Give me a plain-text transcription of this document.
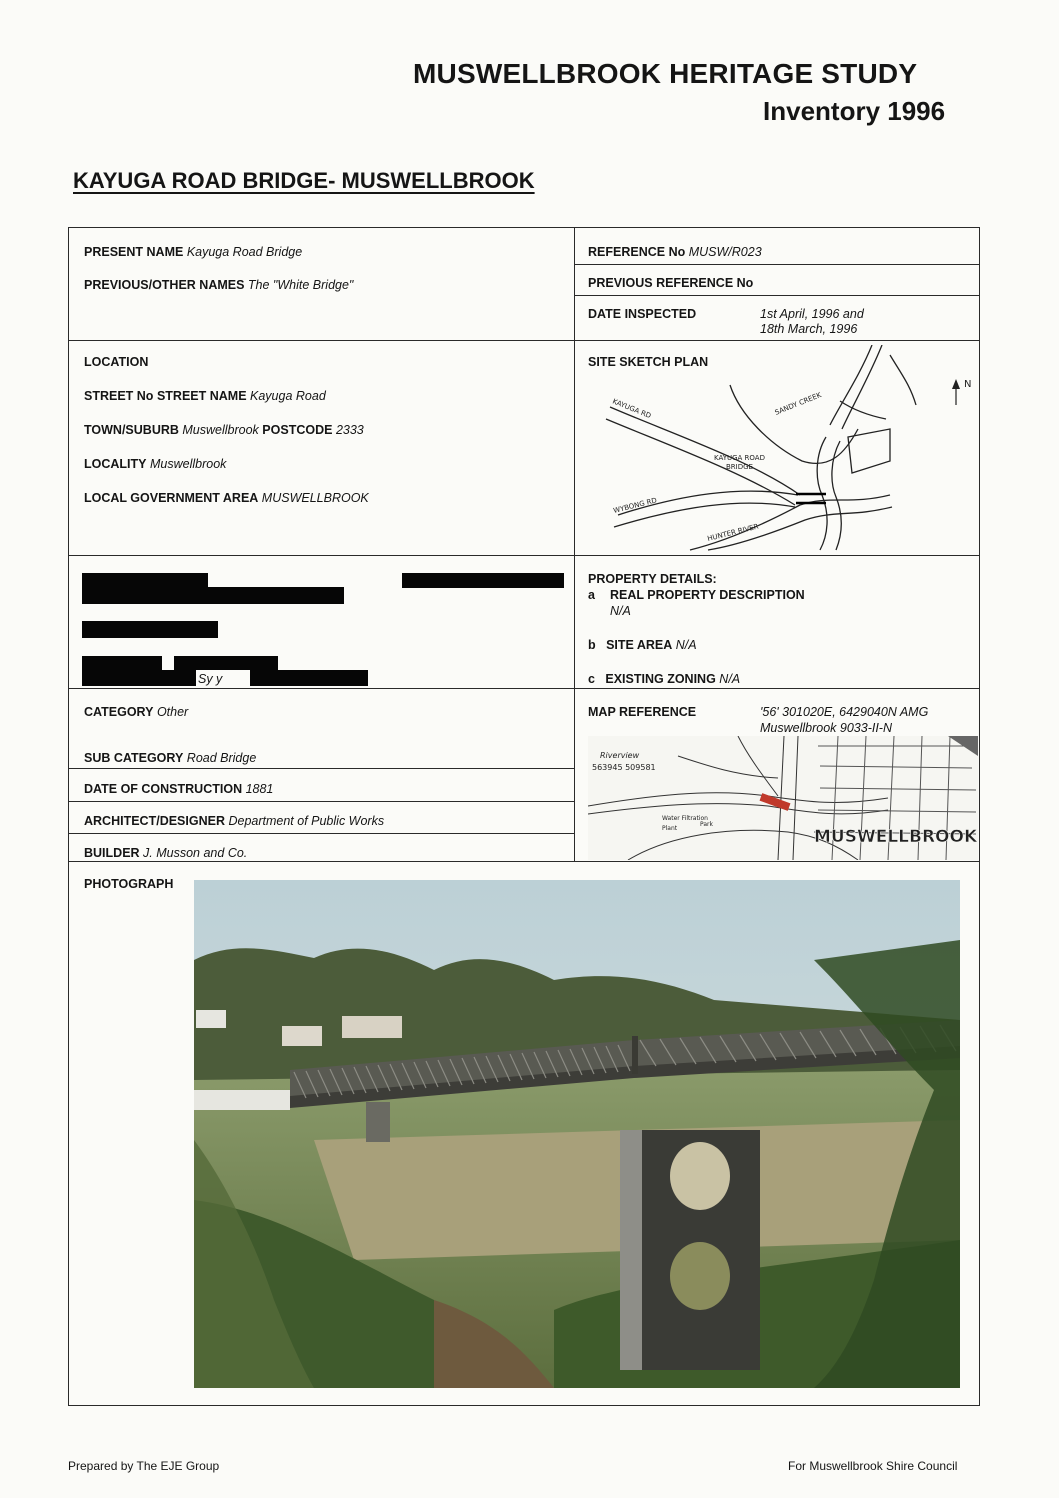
MUSWELLBROOK HERITAGE STUDY
Inventory 1996
KAYUGA ROAD BRIDGE- MUSWELLBROOK
PRESENT NAME Kayuga Road Bridge
PREVIOUS/OTHER NAMES The "White Bridge"
REFERENCE No MUSW/R023
PREVIOUS REFERENCE No
DATE INSPECTED	1st April, 1996 and
18th March, 1996
LOCATION
STREET No STREET NAME Kayuga Road
TOWN/SUBURB Muswellbrook POSTCODE 2333
LOCALITY Muswellbrook
LOCAL GOVERNMENT AREA MUSWELLBROOK
SITE SKETCH PLAN
KAYUGA RD
WYBONG RD
KAYUGA ROAD
BRIDGE
HUNTER RIVER
SANDY CREEK
N
Sy y
PROPERTY DETAILS:
a REAL PROPERTY DESCRIPTION
N/A
b SITE AREA N/A
c EXISTING ZONING N/A
CATEGORY Other
SUB CATEGORY Road Bridge
DATE OF CONSTRUCTION 1881
ARCHITECT/DESIGNER Department of Public Works
BUILDER J. Musson and Co.
MAP REFERENCE	'56' 301020E, 6429040N AMG
Muswellbrook 9033-II-N
Riverview
563945 509581
Water Filtration
Plant
Park
MUSWELLBROOK
PHOTOGRAPH
Prepared by The EJE Group	For Muswellbrook Shire Council
